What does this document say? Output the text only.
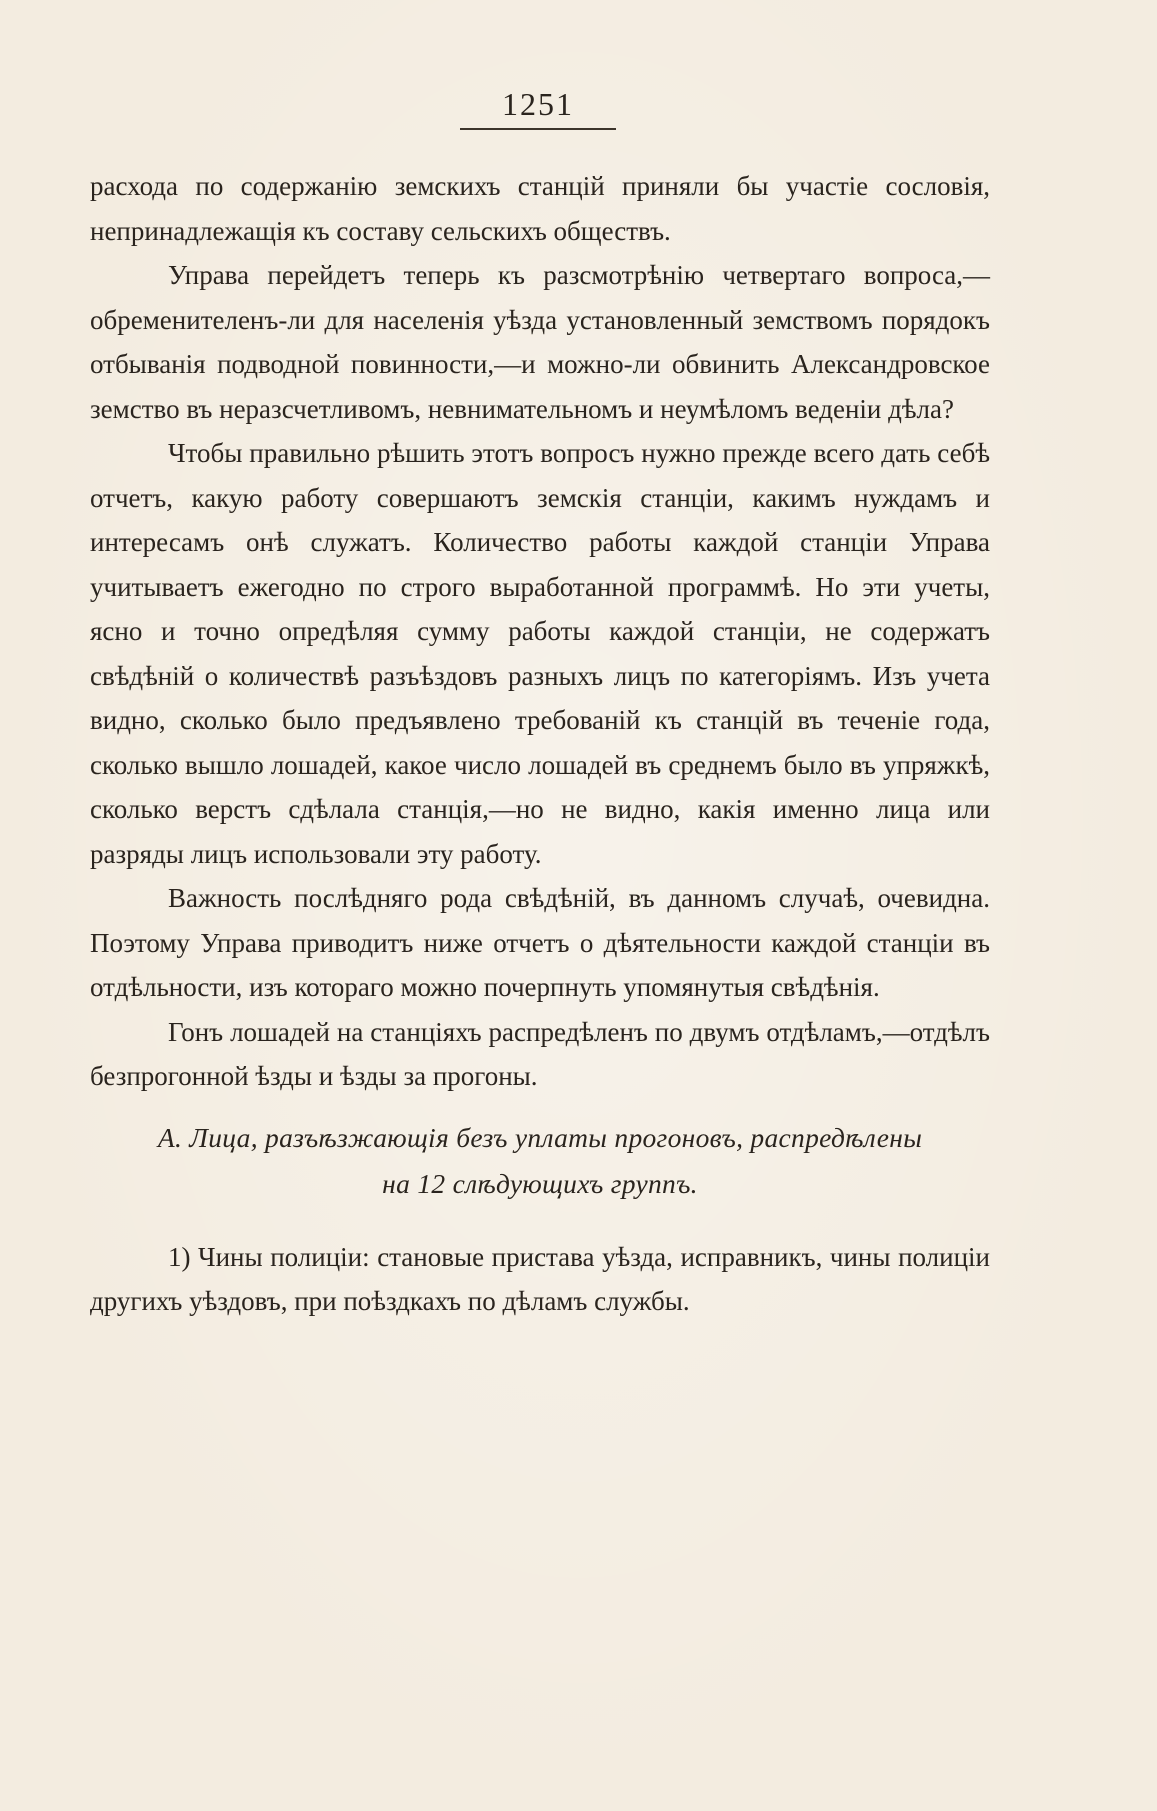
1251

расхода по содержанію земскихъ станцій приняли бы участіе сословія, непринадлежащія къ составу сельскихъ обществъ.

Управа перейдетъ теперь къ разсмотрѣнію четвертаго вопроса,—обременителенъ-ли для населенія уѣзда установленный земствомъ порядокъ отбыванія подводной повинности,—и можно-ли обвинить Александровское земство въ неразсчетливомъ, невнимательномъ и неумѣломъ веденіи дѣла?

Чтобы правильно рѣшить этотъ вопросъ нужно прежде всего дать себѣ отчетъ, какую работу совершаютъ земскія станціи, какимъ нуждамъ и интересамъ онѣ служатъ. Количество работы каждой станціи Управа учитываетъ ежегодно по строго выработанной программѣ. Но эти учеты, ясно и точно опредѣляя сумму работы каждой станціи, не содержатъ свѣдѣній о количествѣ разъѣздовъ разныхъ лицъ по категоріямъ. Изъ учета видно, сколько было предъявлено требованій къ станцій въ теченіе года, сколько вышло лошадей, какое число лошадей въ среднемъ было въ упряжкѣ, сколько верстъ сдѣлала станція,—но не видно, какія именно лица или разряды лицъ использовали эту работу.

Важность послѣдняго рода свѣдѣній, въ данномъ случаѣ, очевидна. Поэтому Управа приводитъ ниже отчетъ о дѣятельности каждой станціи въ отдѣльности, изъ котораго можно почерпнуть упомянутыя свѣдѣнія.

Гонъ лошадей на станціяхъ распредѣленъ по двумъ отдѣламъ,—отдѣлъ безпрогонной ѣзды и ѣзды за прогоны.

А. Лица, разъѣзжающія безъ уплаты прогоновъ, распредѣлены
на 12 слѣдующихъ группъ.

1) Чины полиціи: становые пристава уѣзда, исправникъ, чины полиціи другихъ уѣздовъ, при поѣздкахъ по дѣламъ службы.
